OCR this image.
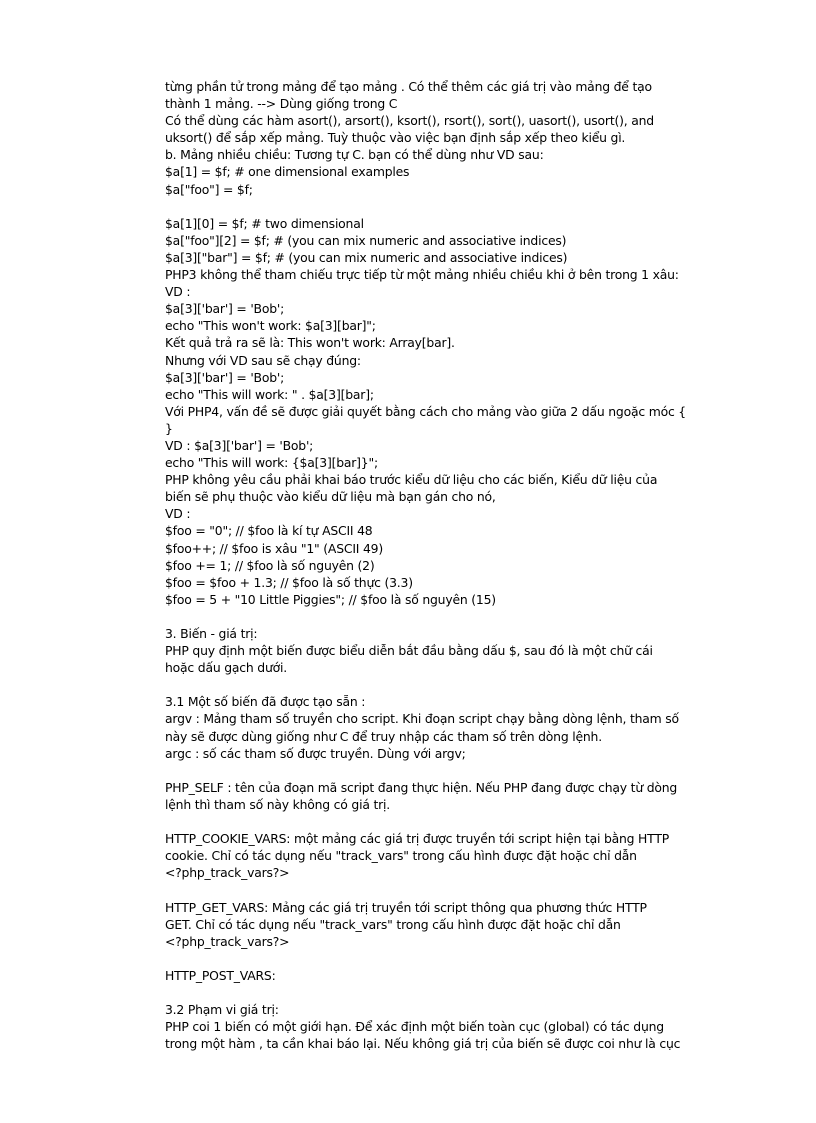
từng phần tử trong mảng để tạo mảng . Có thể thêm các giá trị vào mảng để tạo
thành 1 mảng. --> Dùng giống trong C
Có thể dùng các hàm asort(), arsort(), ksort(), rsort(), sort(), uasort(), usort(), and
uksort() để sắp xếp mảng. Tuỳ thuộc vào việc bạn định sắp xếp theo kiểu gì.
b. Mảng nhiều chiều: Tương tự C. bạn có thể dùng như VD sau:
$a[1] = $f; # one dimensional examples
$a["foo"] = $f;
$a[1][0] = $f; # two dimensional
$a["foo"][2] = $f; # (you can mix numeric and associative indices)
$a[3]["bar"] = $f; # (you can mix numeric and associative indices)
PHP3 không thể tham chiếu trực tiếp từ một mảng nhiều chiều khi ở bên trong 1 xâu:
VD :
$a[3]['bar'] = 'Bob';
echo "This won't work: $a[3][bar]";
Kết quả trả ra sẽ là: This won't work: Array[bar].
Nhưng với VD sau sẽ chạy đúng:
$a[3]['bar'] = 'Bob';
echo "This will work: " . $a[3][bar];
Với PHP4, vấn đề sẽ được giải quyết bằng cách cho mảng vào giữa 2 dấu ngoặc móc {
}
VD : $a[3]['bar'] = 'Bob';
echo "This will work: {$a[3][bar]}";
PHP không yêu cầu phải khai báo trước kiểu dữ liệu cho các biến, Kiểu dữ liệu của
biến sẽ phụ thuộc vào kiểu dữ liệu mà bạn gán cho nó,
VD :
$foo = "0"; // $foo là kí tự ASCII 48
$foo++; // $foo is xâu "1" (ASCII 49)
$foo += 1; // $foo là số nguyên (2)
$foo = $foo + 1.3; // $foo là số thực (3.3)
$foo = 5 + "10 Little Piggies"; // $foo là số nguyên (15)
3. Biến - giá trị:
PHP quy định một biến được biểu diễn bắt đầu bằng dấu $, sau đó là một chữ cái
hoặc dấu gạch dưới.
3.1 Một số biến đã được tạo sẵn :
argv : Mảng tham số truyền cho script. Khi đoạn script chạy bằng dòng lệnh, tham số
này sẽ được dùng giống như C để truy nhập các tham số trên dòng lệnh.
argc : số các tham số được truyền. Dùng với argv;
PHP_SELF : tên của đoạn mã script đang thực hiện. Nếu PHP đang được chạy từ dòng
lệnh thì tham số này không có giá trị.
HTTP_COOKIE_VARS: một mảng các giá trị được truyền tới script hiện tại bằng HTTP
cookie. Chỉ có tác dụng nếu "track_vars" trong cấu hình được đặt hoặc chỉ dẫn
<?php_track_vars?>
HTTP_GET_VARS: Mảng các giá trị truyền tới script thông qua phương thức HTTP
GET. Chỉ có tác dụng nếu "track_vars" trong cấu hình được đặt hoặc chỉ dẫn
<?php_track_vars?>
HTTP_POST_VARS:
3.2 Phạm vi giá trị:
PHP coi 1 biến có một giới hạn. Để xác định một biến toàn cục (global) có tác dụng
trong một hàm , ta cần khai báo lại. Nếu không giá trị của biến sẽ được coi như là cục
